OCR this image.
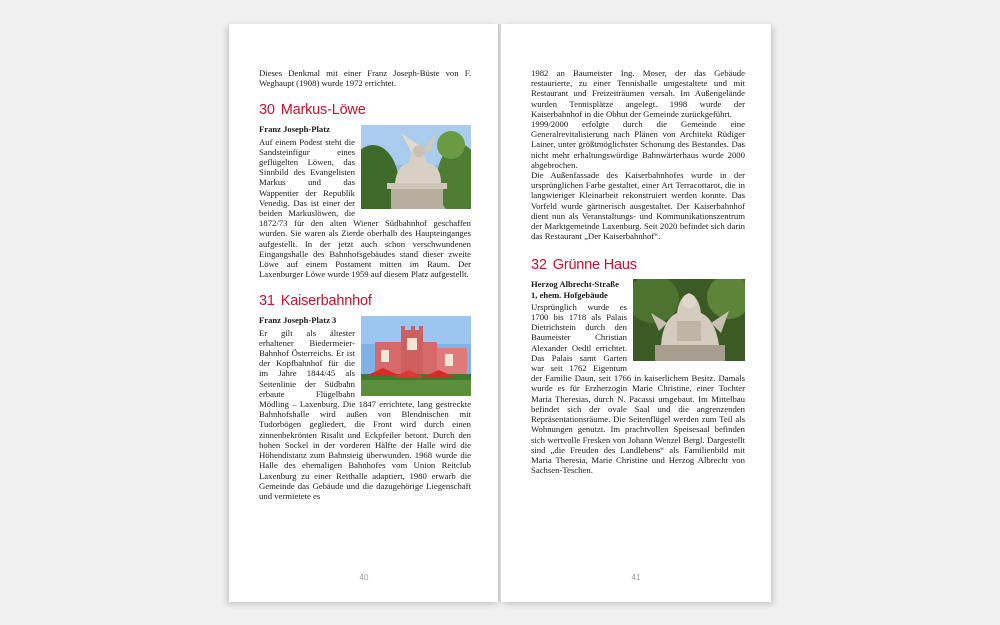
Dieses Denkmal mit einer Franz Joseph-Büste von F. Weghaupt (1908) wurde 1972 errichtet.

30 Markus-Löwe
Franz Joseph-Platz

Auf einem Podest steht die Sandsteinfigur eines geflügelten Löwen, das Sinnbild des Evangelisten Markus und das Wappentier der Republik Venedig. Das ist einer der beiden Markuslöwen, die 1872/73 für den alten Wiener Südbahnhof geschaffen wurden. Sie waren als Zierde oberhalb des Haupteinganges aufgestellt. In der jetzt auch schon verschwundenen Eingangshalle des Bahnhofsgebäudes stand dieser zweite Löwe auf einem Postament mitten im Raum. Der Laxenburger Löwe wurde 1959 auf diesem Platz aufgestellt.

31 Kaiserbahnhof
Franz Joseph-Platz 3

Er gilt als ältester erhaltener Biedermeier-Bahnhof Österreichs. Er ist der Kopfbahnhof für die im Jahre 1844/45 als Seitenlinie der Südbahn erbaute Flügelbahn Mödling – Laxenburg. Die 1847 errichtete, lang gestreckte Bahnhofshalle wird außen von Blendnischen mit Tudorbögen gegliedert, die Front wird durch einen zinnenbekrönten Risalit und Eckpfeiler betont. Durch den hohen Sockel in der vorderen Hälfte der Halle wird die Höhendistanz zum Bahnsteig überwunden. 1968 wurde die Halle des ehemaligen Bahnhofes vom Union Reitclub Laxenburg zu einer Reithalle adaptiert, 1980 erwarb die Gemeinde das Gebäude und die dazugehörige Liegenschaft und vermietete es

40

1982 an Baumeister Ing. Moser, der das Gebäude restaurierte, zu einer Tennishalle umgestaltete und mit Restaurant und Freizeiträumen versah. Im Außengelände wurden Tennisplätze angelegt. 1998 wurde der Kaiserbahnhof in die Obhut der Gemeinde zurückgeführt.

1999/2000 erfolgte durch die Gemeinde eine Generalrevitalisierung nach Plänen von Architekt Rüdiger Lainer, unter größtmöglichster Schonung des Bestandes. Das nicht mehr erhaltungswürdige Bahnwärterhaus wurde 2000 abgebrochen.

Die Außenfassade des Kaiserbahnhofes wurde in der ursprünglichen Farbe gestaltet, einer Art Terracottarot, die in langwieriger Kleinarbeit rekonstruiert werden konnte. Das Vorfeld wurde gärtnerisch ausgestaltet. Der Kaiserbahnhof dient nun als Veranstaltungs- und Kommunikationszentrum der Marktgemeinde Laxenburg. Seit 2020 befindet sich darin das Restaurant „Der Kaiserbahnhof“.

32 Grünne Haus
Herzog Albrecht-Straße 1, ehem. Hofgebäude

Ursprünglich wurde es 1700 bis 1718 als Palais Dietrichstein durch den Baumeister Christian Alexander Oedtl errichtet. Das Palais samt Garten war seit 1762 Eigentum der Familie Daun, seit 1766 in kaiserlichem Besitz. Damals wurde es für Erzherzogin Marie Christine, einer Tochter Maria Theresias, durch N. Pacassi umgebaut. Im Mittelbau befindet sich der ovale Saal und die angrenzenden Repräsentationsräume. Die Seitenflügel werden zum Teil als Wohnungen genutzt. Im prachtvollen Speisesaal befinden sich wertvolle Fresken von Johann Wenzel Bergl. Dargestellt sind „die Freuden des Landlebens“ als Familienbild mit Maria Theresia, Marie Christine und Herzog Albrecht von Sachsen-Teschen.

41
